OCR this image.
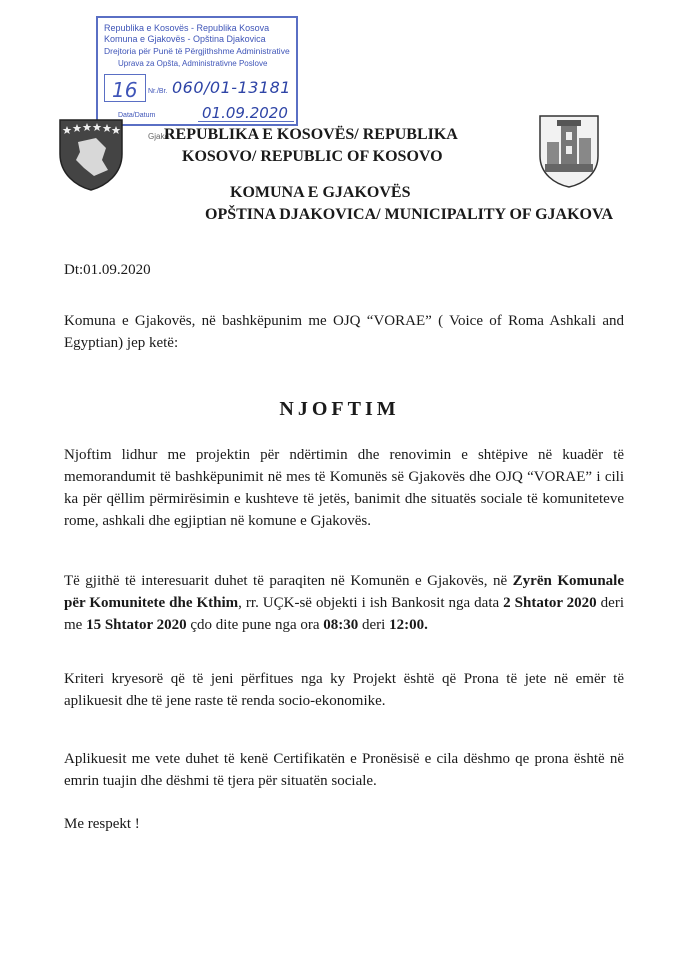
Republika e Kosovës - Republika Kosova
Komuna e Gjakovës - Opština Djakovica
Drejtoria për Punë të Përgjithshme Administrative
Uprava za Opšta, Administrativne Poslove
16 Nr./Br. 060/01-13181
Data/Datum	01.09.2020
Gjako
REPUBLIKA E KOSOVËS/ REPUBLIKA
KOSOVO/ REPUBLIC OF KOSOVO
KOMUNA E GJAKOVËS
OPŠTINA DJAKOVICA/ MUNICIPALITY OF GJAKOVA
Dt:01.09.2020
Komuna e Gjakovës, në bashkëpunim me OJQ “VORAE” ( Voice of Roma Ashkali and Egyptian) jep ketë:
NJOFTIM
Njoftim lidhur me projektin për ndërtimin dhe renovimin e shtëpive në kuadër të memorandumit të bashkëpunimit në mes të Komunës së Gjakovës dhe OJQ “VORAE” i cili ka për qëllim përmirësimin e kushteve të jetës, banimit dhe situatës sociale të komuniteteve rome, ashkali dhe egjiptian në komune e Gjakovës.
Të gjithë të interesuarit duhet të paraqiten në Komunën e Gjakovës, në Zyrën Komunale për Komunitete dhe Kthim, rr. UÇK-së objekti i ish Bankosit nga data 2 Shtator 2020 deri me 15 Shtator 2020 çdo dite pune nga ora 08:30 deri 12:00.
Kriteri kryesorë që të jeni përfitues nga ky Projekt është që Prona të jete në emër të aplikuesit dhe të jene raste të renda socio-ekonomike.
Aplikuesit me vete duhet të kenë Certifikatën e Pronësisë e cila dëshmo qe prona është në emrin tuajin dhe dëshmi të tjera për situatën sociale.
Me respekt !
